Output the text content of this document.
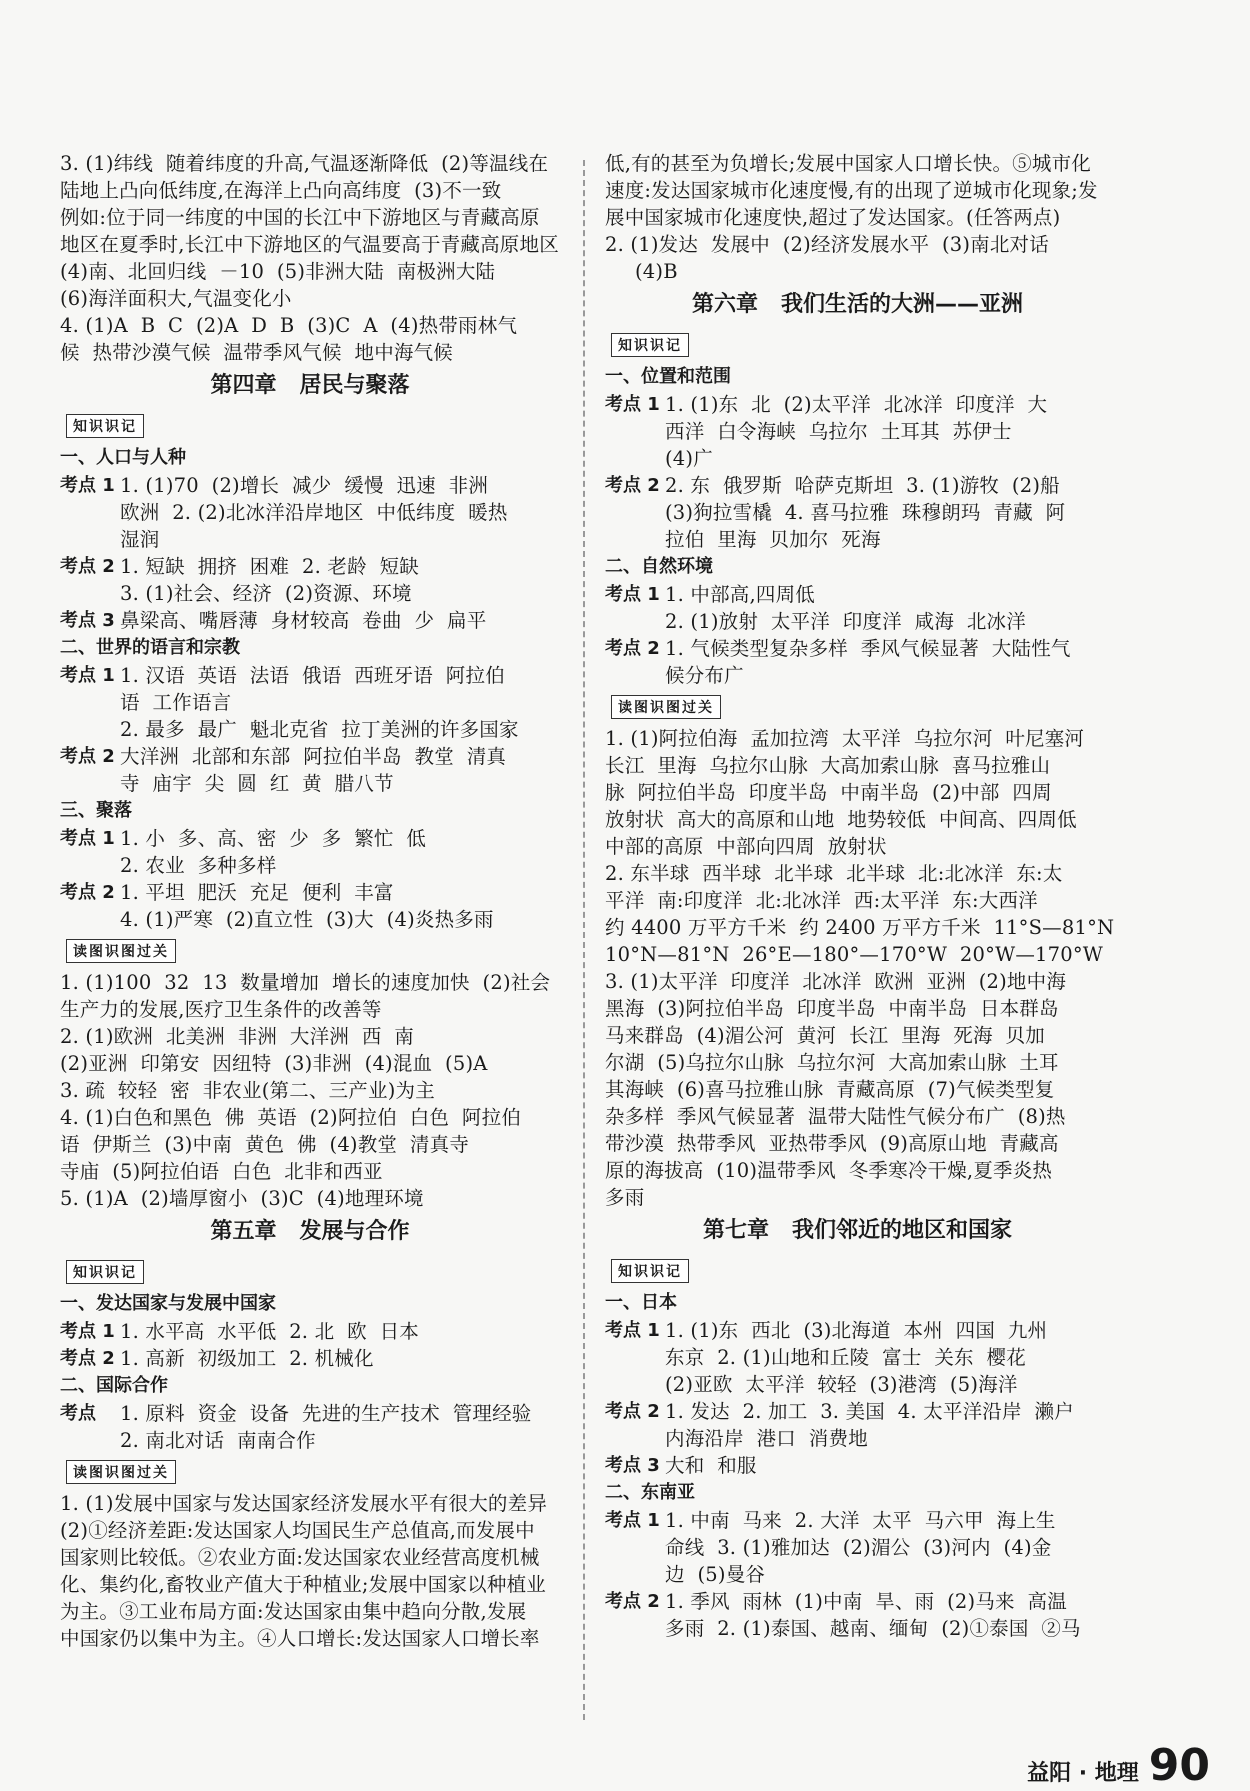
3. (1)纬线  随着纬度的升高,气温逐渐降低  (2)等温线在
陆地上凸向低纬度,在海洋上凸向高纬度  (3)不一致
例如:位于同一纬度的中国的长江中下游地区与青藏高原
地区在夏季时,长江中下游地区的气温要高于青藏高原地区
(4)南、北回归线  －10  (5)非洲大陆  南极洲大陆
(6)海洋面积大,气温变化小
4. (1)A  B  C  (2)A  D  B  (3)C  A  (4)热带雨林气
候  热带沙漠气候  温带季风气候  地中海气候
第四章   居民与聚落
知识识记
一、人口与人种
考点 1 1. (1)70  (2)增长  减少  缓慢  迅速  非洲
欧洲  2. (2)北冰洋沿岸地区  中低纬度  暖热
湿润
考点 2 1. 短缺  拥挤  困难  2. 老龄  短缺
3. (1)社会、经济  (2)资源、环境
考点 3 鼻梁高、嘴唇薄  身材较高  卷曲  少  扁平
二、世界的语言和宗教
考点 1 1. 汉语  英语  法语  俄语  西班牙语  阿拉伯
语  工作语言
2. 最多  最广  魁北克省  拉丁美洲的许多国家
考点 2 大洋洲  北部和东部  阿拉伯半岛  教堂  清真
寺  庙宇  尖  圆  红  黄  腊八节
三、聚落
考点 1 1. 小  多、高、密  少  多  繁忙  低
2. 农业  多种多样
考点 2 1. 平坦  肥沃  充足  便利  丰富
4. (1)严寒  (2)直立性  (3)大  (4)炎热多雨
读图识图过关
1. (1)100  32  13  数量增加  增长的速度加快  (2)社会
生产力的发展,医疗卫生条件的改善等
2. (1)欧洲  北美洲  非洲  大洋洲  西  南
(2)亚洲  印第安  因纽特  (3)非洲  (4)混血  (5)A
3. 疏  较轻  密  非农业(第二、三产业)为主
4. (1)白色和黑色  佛  英语  (2)阿拉伯  白色  阿拉伯
语  伊斯兰  (3)中南  黄色  佛  (4)教堂  清真寺
寺庙  (5)阿拉伯语  白色  北非和西亚
5. (1)A  (2)墙厚窗小  (3)C  (4)地理环境
第五章   发展与合作
知识识记
一、发达国家与发展中国家
考点 1 1. 水平高  水平低  2. 北  欧  日本
考点 2 1. 高新  初级加工  2. 机械化
二、国际合作
考点	1. 原料  资金  设备  先进的生产技术  管理经验
2. 南北对话  南南合作
读图识图过关
1. (1)发展中国家与发达国家经济发展水平有很大的差异
(2)①经济差距:发达国家人均国民生产总值高,而发展中
国家则比较低。②农业方面:发达国家农业经营高度机械
化、集约化,畜牧业产值大于种植业;发展中国家以种植业
为主。③工业布局方面:发达国家由集中趋向分散,发展
中国家仍以集中为主。④人口增长:发达国家人口增长率
低,有的甚至为负增长;发展中国家人口增长快。⑤城市化
速度:发达国家城市化速度慢,有的出现了逆城市化现象;发
展中国家城市化速度快,超过了发达国家。(任答两点)
2. (1)发达  发展中  (2)经济发展水平  (3)南北对话
(4)B
第六章   我们生活的大洲——亚洲
知识识记
一、位置和范围
考点 1 1. (1)东  北  (2)太平洋  北冰洋  印度洋  大
西洋  白令海峡  乌拉尔  土耳其  苏伊士
(4)广
考点 2 2. 东  俄罗斯  哈萨克斯坦  3. (1)游牧  (2)船
(3)狗拉雪橇  4. 喜马拉雅  珠穆朗玛  青藏  阿
拉伯  里海  贝加尔  死海
二、自然环境
考点 1 1. 中部高,四周低
2. (1)放射  太平洋  印度洋  咸海  北冰洋
考点 2 1. 气候类型复杂多样  季风气候显著  大陆性气
候分布广
读图识图过关
1. (1)阿拉伯海  孟加拉湾  太平洋  乌拉尔河  叶尼塞河
长江  里海  乌拉尔山脉  大高加索山脉  喜马拉雅山
脉  阿拉伯半岛  印度半岛  中南半岛  (2)中部  四周
放射状  高大的高原和山地  地势较低  中间高、四周低
中部的高原  中部向四周  放射状
2. 东半球  西半球  北半球  北半球  北:北冰洋  东:太
平洋  南:印度洋  北:北冰洋  西:太平洋  东:大西洋
约 4400 万平方千米  约 2400 万平方千米  11°S—81°N
10°N—81°N  26°E—180°—170°W  20°W—170°W
3. (1)太平洋  印度洋  北冰洋  欧洲  亚洲  (2)地中海
黑海  (3)阿拉伯半岛  印度半岛  中南半岛  日本群岛
马来群岛  (4)湄公河  黄河  长江  里海  死海  贝加
尔湖  (5)乌拉尔山脉  乌拉尔河  大高加索山脉  土耳
其海峡  (6)喜马拉雅山脉  青藏高原  (7)气候类型复
杂多样  季风气候显著  温带大陆性气候分布广  (8)热
带沙漠  热带季风  亚热带季风  (9)高原山地  青藏高
原的海拔高  (10)温带季风  冬季寒冷干燥,夏季炎热
多雨
第七章   我们邻近的地区和国家
知识识记
一、日本
考点 1 1. (1)东  西北  (3)北海道  本州  四国  九州
东京  2. (1)山地和丘陵  富士  关东  樱花
(2)亚欧  太平洋  较轻  (3)港湾  (5)海洋
考点 2 1. 发达  2. 加工  3. 美国  4. 太平洋沿岸  濑户
内海沿岸  港口  消费地
考点 3 大和  和服
二、东南亚
考点 1 1. 中南  马来  2. 大洋  太平  马六甲  海上生
命线  3. (1)雅加达  (2)湄公  (3)河内  (4)金
边  (5)曼谷
考点 2 1. 季风  雨林  (1)中南  旱、雨  (2)马来  高温
多雨  2. (1)泰国、越南、缅甸  (2)①泰国  ②马
益阳 · 地理 90
